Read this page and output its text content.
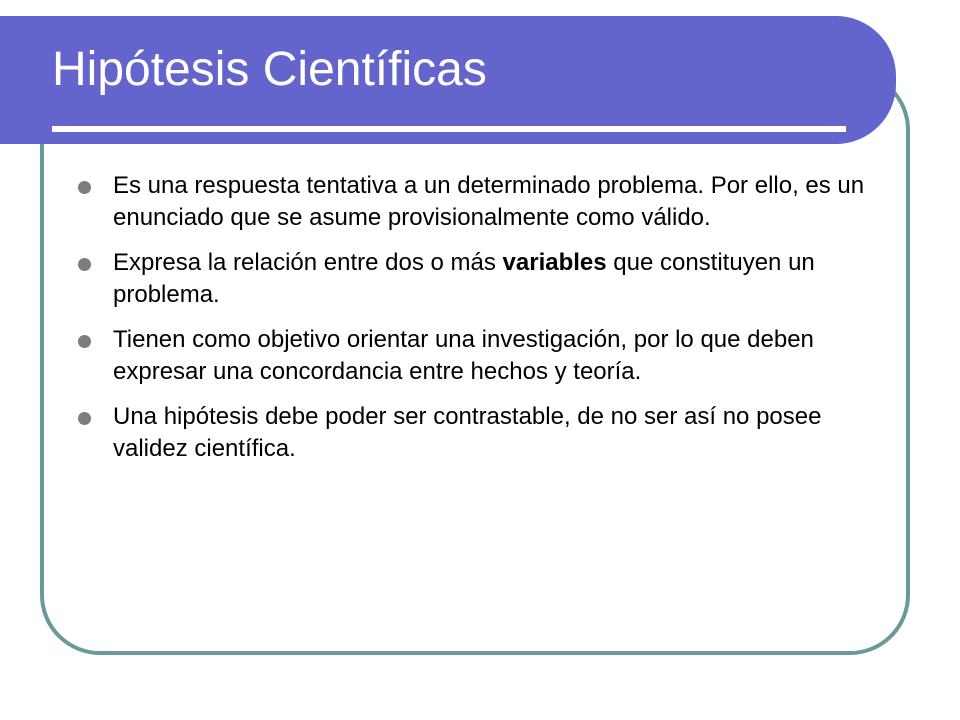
Hipótesis Científicas
Es una respuesta tentativa a un determinado problema. Por ello, es un enunciado que se asume provisionalmente como válido.
Expresa la relación entre dos o más variables que constituyen un problema.
Tienen como objetivo orientar una investigación, por lo que deben expresar una concordancia entre hechos y teoría.
Una hipótesis debe poder ser contrastable, de no ser así no posee validez científica.
